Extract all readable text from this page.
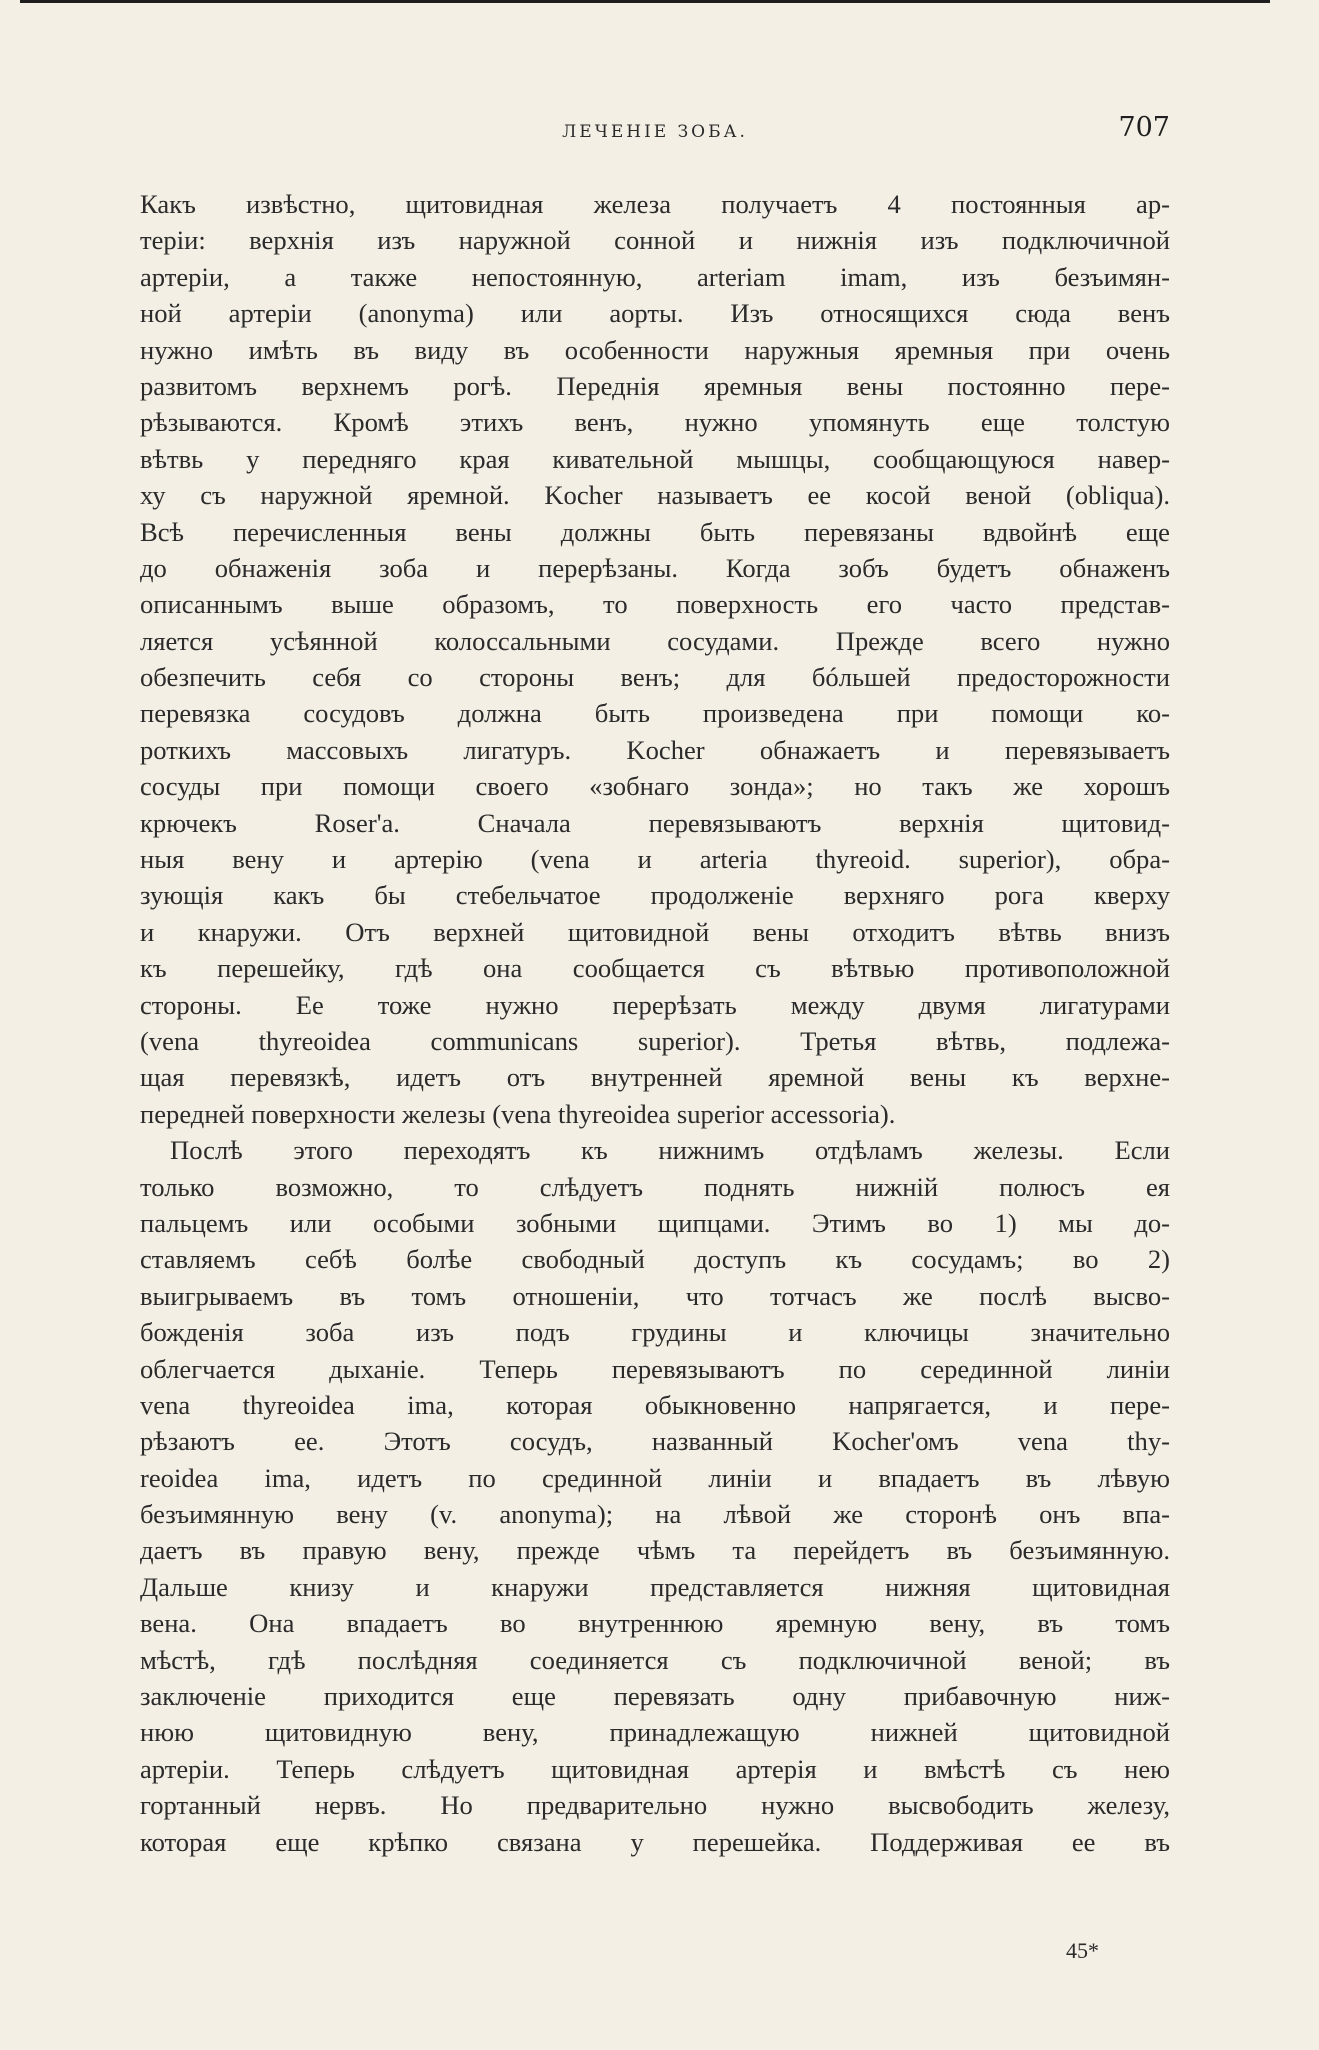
ЛЕЧЕНІЕ ЗОБА.	707
Какъ извѣстно, щитовидная железа получаетъ 4 постоянныя ар-
теріи: верхнія изъ наружной сонной и нижнія изъ подключичной
артеріи, а также непостоянную, arteriam imam, изъ безъимян-
ной артеріи (anonyma) или аорты. Изъ относящихся сюда венъ
нужно имѣть въ виду въ особенности наружныя яремныя при очень
развитомъ верхнемъ рогѣ. Переднія яремныя вены постоянно пере-
рѣзываются. Кромѣ этихъ венъ, нужно упомянуть еще толстую
вѣтвь у передняго края кивательной мышцы, сообщающуюся навер-
ху съ наружной яремной. Kocher называетъ ее косой веной (obliqua).
Всѣ перечисленныя вены должны быть перевязаны вдвойнѣ еще
до обнаженія зоба и перерѣзаны. Когда зобъ будетъ обнаженъ
описаннымъ выше образомъ, то поверхность его часто представ-
ляется усѣянной колоссальными сосудами. Прежде всего нужно
обезпечить себя со стороны венъ; для бóльшей предосторожности
перевязка сосудовъ должна быть произведена при помощи ко-
роткихъ массовыхъ лигатуръ. Kocher обнажаетъ и перевязываетъ
сосуды при помощи своего «зобнаго зонда»; но такъ же хорошъ
крючекъ Roser'a. Сначала перевязываютъ верхнія щитовид-
ныя вену и артерію (vena и arteria thyreoid. superior), обра-
зующія какъ бы стебельчатое продолженіе верхняго рога кверху
и кнаружи. Отъ верхней щитовидной вены отходитъ вѣтвь внизъ
къ перешейку, гдѣ она сообщается съ вѣтвью противоположной
стороны. Ее тоже нужно перерѣзать между двумя лигатурами
(vena thyreoidea communicans superior). Третья вѣтвь, подлежа-
щая перевязкѣ, идетъ отъ внутренней яремной вены къ верхне-
передней поверхности железы (vena thyreoidea superior accessoria).
Послѣ этого переходятъ къ нижнимъ отдѣламъ железы. Если
только возможно, то слѣдуетъ поднять нижній полюсъ ея
пальцемъ или особыми зобными щипцами. Этимъ во 1) мы до-
ставляемъ себѣ болѣе свободный доступъ къ сосудамъ; во 2)
выигрываемъ въ томъ отношеніи, что тотчасъ же послѣ высво-
божденія зоба изъ подъ грудины и ключицы значительно
облегчается дыханіе. Теперь перевязываютъ по серединной линіи
vena thyreoidea ima, которая обыкновенно напрягается, и пере-
рѣзаютъ ее. Этотъ сосудъ, названный Kocher'омъ vena thy-
reoidea ima, идетъ по срединной линіи и впадаетъ въ лѣвую
безъимянную вену (v. anonyma); на лѣвой же сторонѣ онъ впа-
даетъ въ правую вену, прежде чѣмъ та перейдетъ въ безъимянную.
Дальше книзу и кнаружи представляется нижняя щитовидная
вена. Она впадаетъ во внутреннюю яремную вену, въ томъ
мѣстѣ, гдѣ послѣдняя соединяется съ подключичной веной; въ
заключеніе приходится еще перевязать одну прибавочную ниж-
нюю щитовидную вену, принадлежащую нижней щитовидной
артеріи. Теперь слѣдуетъ щитовидная артерія и вмѣстѣ съ нею
гортанный нервъ. Но предварительно нужно высвободить железу,
которая еще крѣпко связана у перешейка. Поддерживая ее въ
45*
